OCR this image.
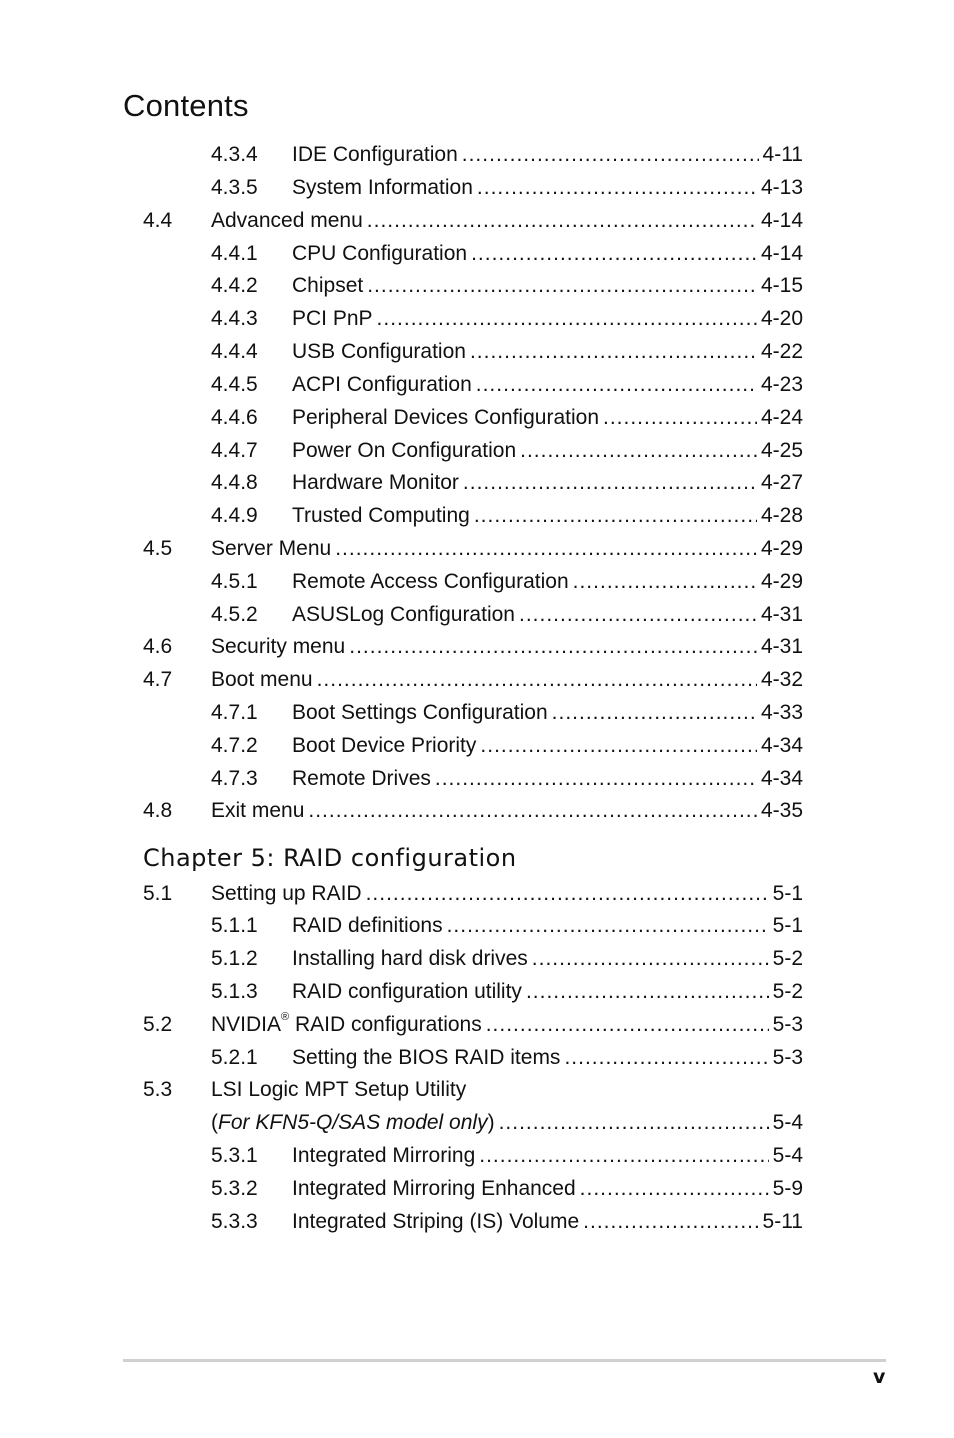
Contents
4.3.4 IDE Configuration .....	4-11
4.3.5 System Information .....	4-13
4.4 Advanced menu .....	4-14
4.4.1 CPU Configuration .....	4-14
4.4.2 Chipset .....	4-15
4.4.3 PCI PnP .....	4-20
4.4.4 USB Configuration .....	4-22
4.4.5 ACPI Configuration .....	4-23
4.4.6 Peripheral Devices Configuration .....	4-24
4.4.7 Power On Configuration .....	4-25
4.4.8 Hardware Monitor .....	4-27
4.4.9 Trusted Computing .....	4-28
4.5 Server Menu .....	4-29
4.5.1 Remote Access Configuration .....	4-29
4.5.2 ASUSLog Configuration .....	4-31
4.6 Security menu .....	4-31
4.7 Boot menu .....	4-32
4.7.1 Boot Settings Configuration .....	4-33
4.7.2 Boot Device Priority .....	4-34
4.7.3 Remote Drives .....	4-34
4.8 Exit menu .....	4-35
Chapter 5: RAID configuration
5.1 Setting up RAID .....	5-1
5.1.1 RAID definitions .....	5-1
5.1.2 Installing hard disk drives .....	5-2
5.1.3 RAID configuration utility .....	5-2
5.2 NVIDIA® RAID configurations .....	5-3
5.2.1 Setting the BIOS RAID items .....	5-3
5.3 LSI Logic MPT Setup Utility
(For KFN5-Q/SAS model only) .....	5-4
5.3.1 Integrated Mirroring .....	5-4
5.3.2 Integrated Mirroring Enhanced .....	5-9
5.3.3 Integrated Striping (IS) Volume .....	5-11
v
